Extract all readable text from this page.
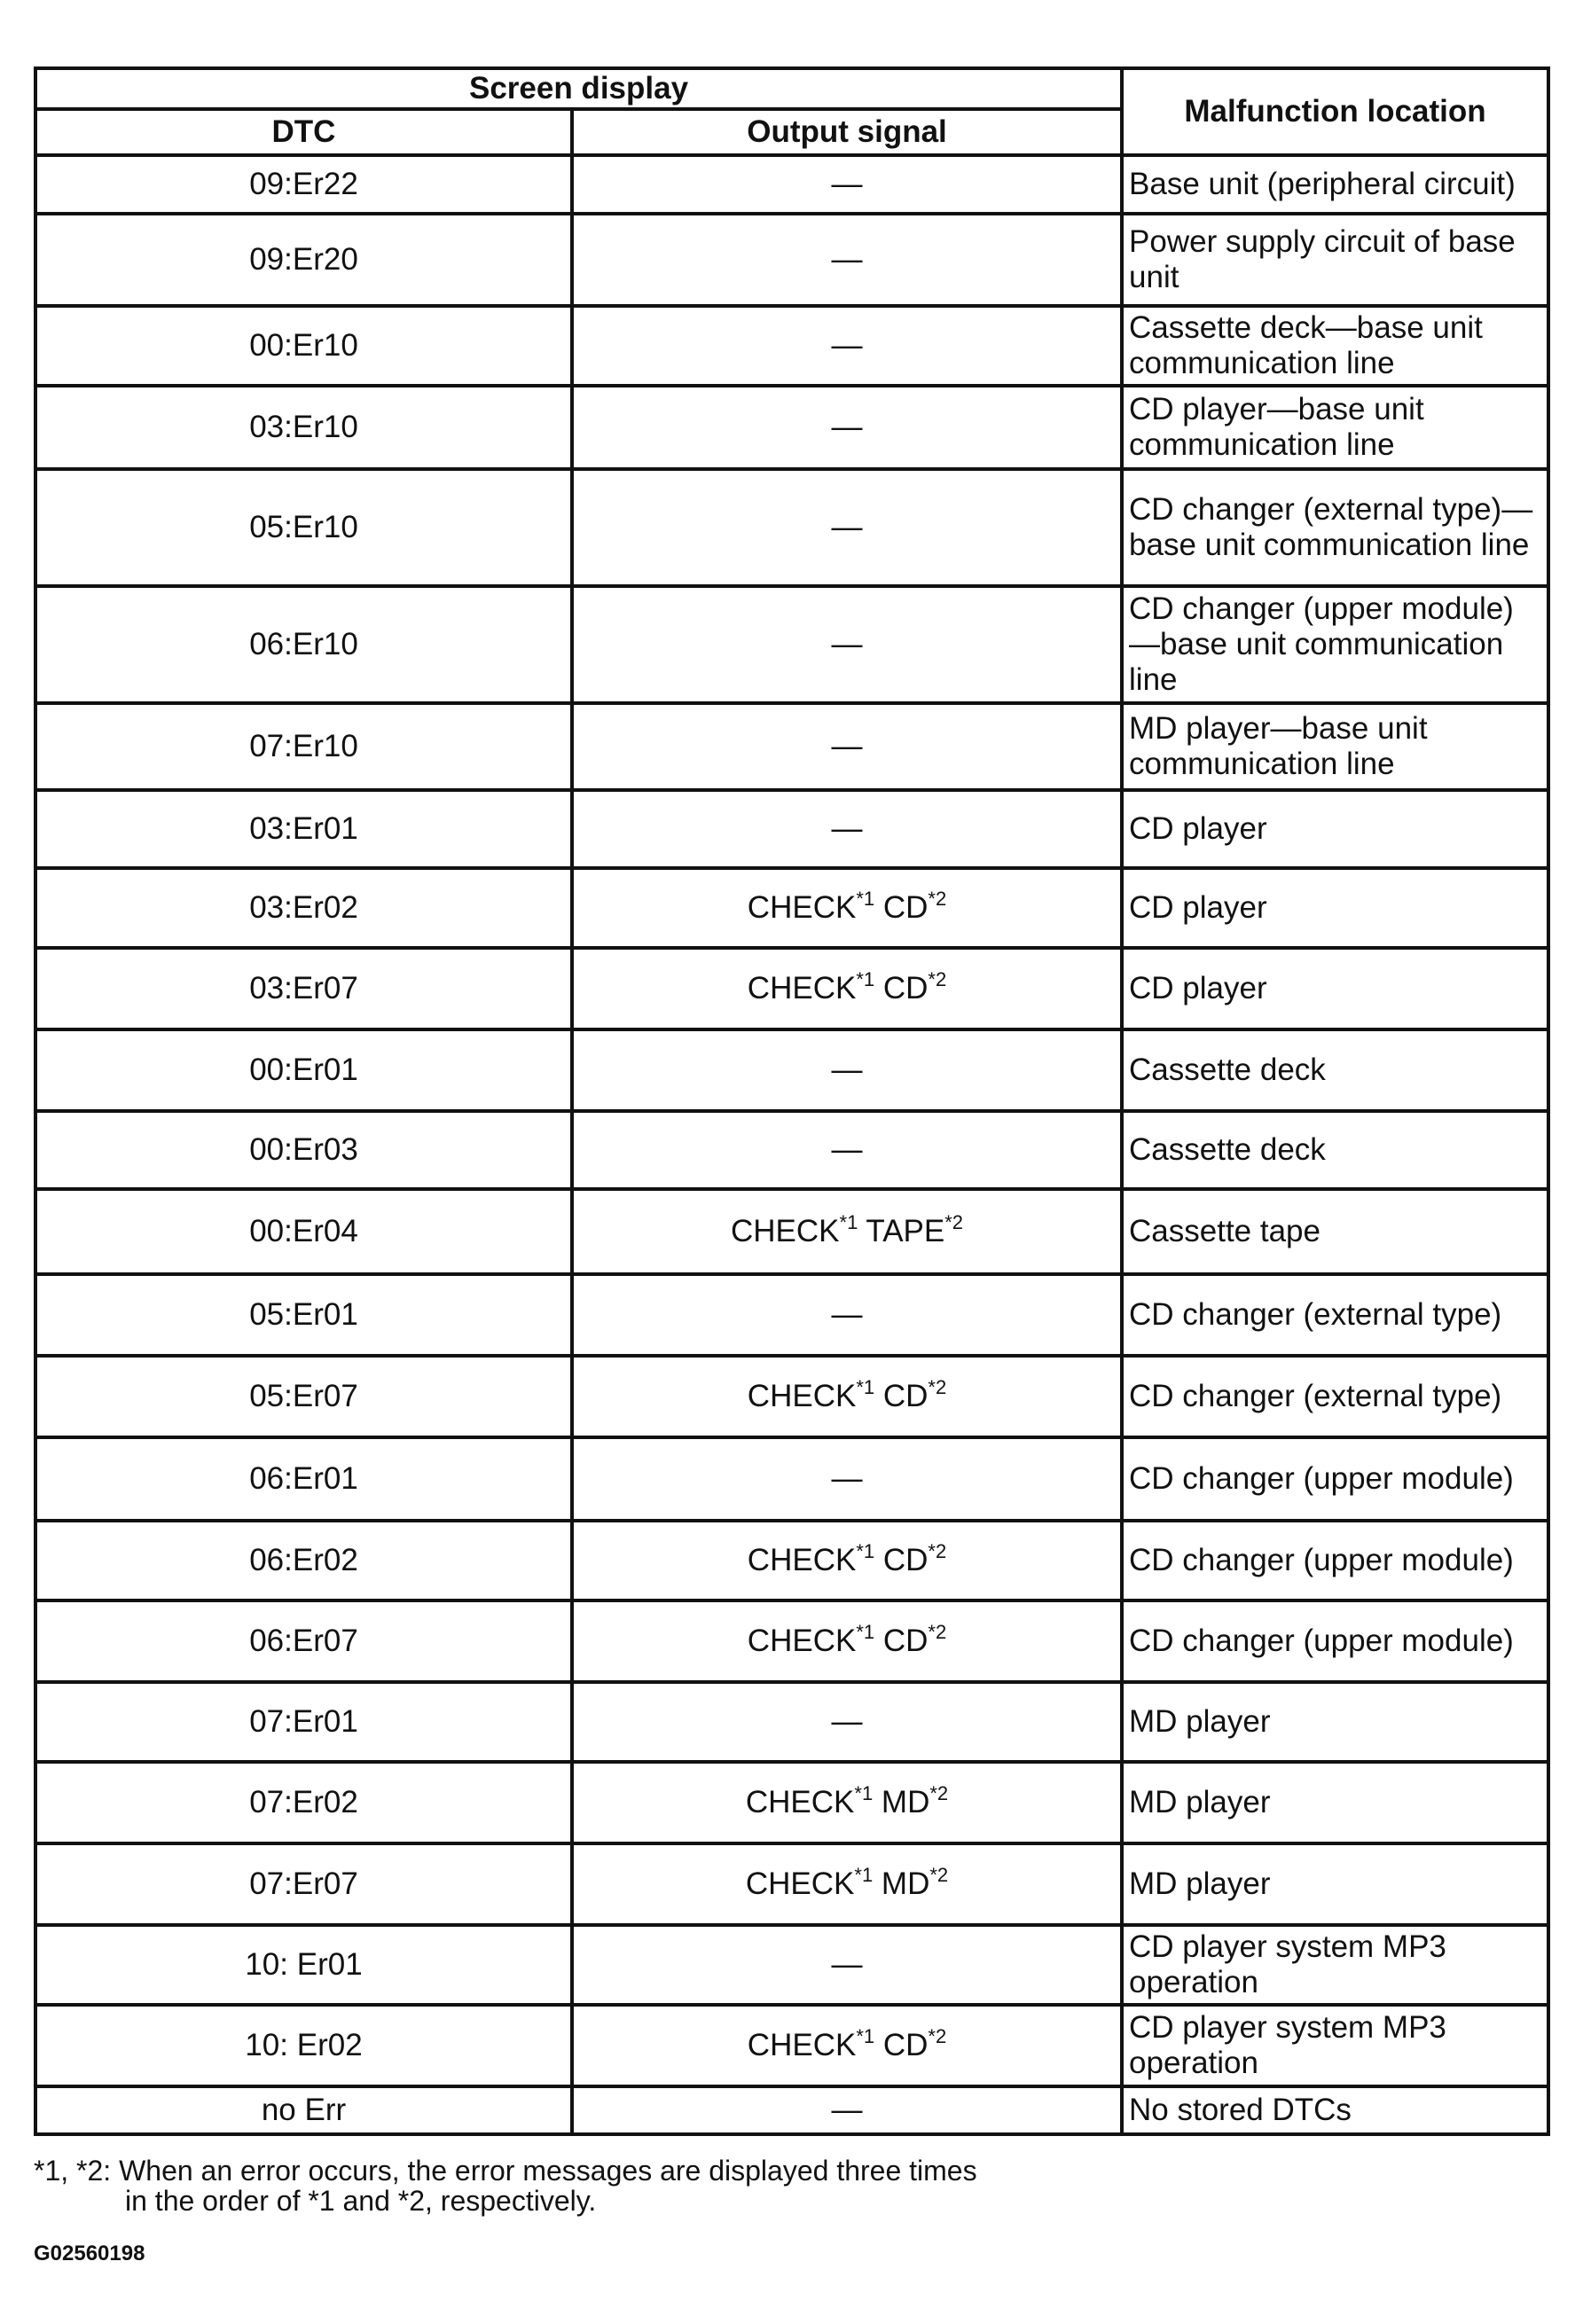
Screen display		Malfunction location
DTC	Output signal	
09:Er22	—	Base unit (peripheral circuit)
09:Er20	—	Power supply circuit of base unit
00:Er10	—	Cassette deck—base unit communication line
03:Er10	—	CD player—base unit communication line
05:Er10	—	CD changer (external type)—base unit communication line
06:Er10	—	CD changer (upper module)—base unit communication line
07:Er10	—	MD player—base unit communication line
03:Er01	—	CD player
03:Er02	CHECK$^{*1}$ CD$^{*2}$	CD player
03:Er07	CHECK$^{*1}$ CD$^{*2}$	CD player
00:Er01	—	Cassette deck
00:Er03	—	Cassette deck
00:Er04	CHECK$^{*1}$ TAPE$^{*2}$	Cassette tape
05:Er01	—	CD changer (external type)
05:Er07	CHECK$^{*1}$ CD$^{*2}$	CD changer (external type)
06:Er01	—	CD changer (upper module)
06:Er02	CHECK$^{*1}$ CD$^{*2}$	CD changer (upper module)
06:Er07	CHECK$^{*1}$ CD$^{*2}$	CD changer (upper module)
07:Er01	—	MD player
07:Er02	CHECK$^{*1}$ MD$^{*2}$	MD player
07:Er07	CHECK$^{*1}$ MD$^{*2}$	MD player
10: Er01	—	CD player system MP3 operation
10: Er02	CHECK$^{*1}$ CD$^{*2}$	CD player system MP3 operation
no Err	—	No stored DTCs
*1, *2: When an error occurs, the error messages are displayed three times
in the order of *1 and *2, respectively.
G02560198
